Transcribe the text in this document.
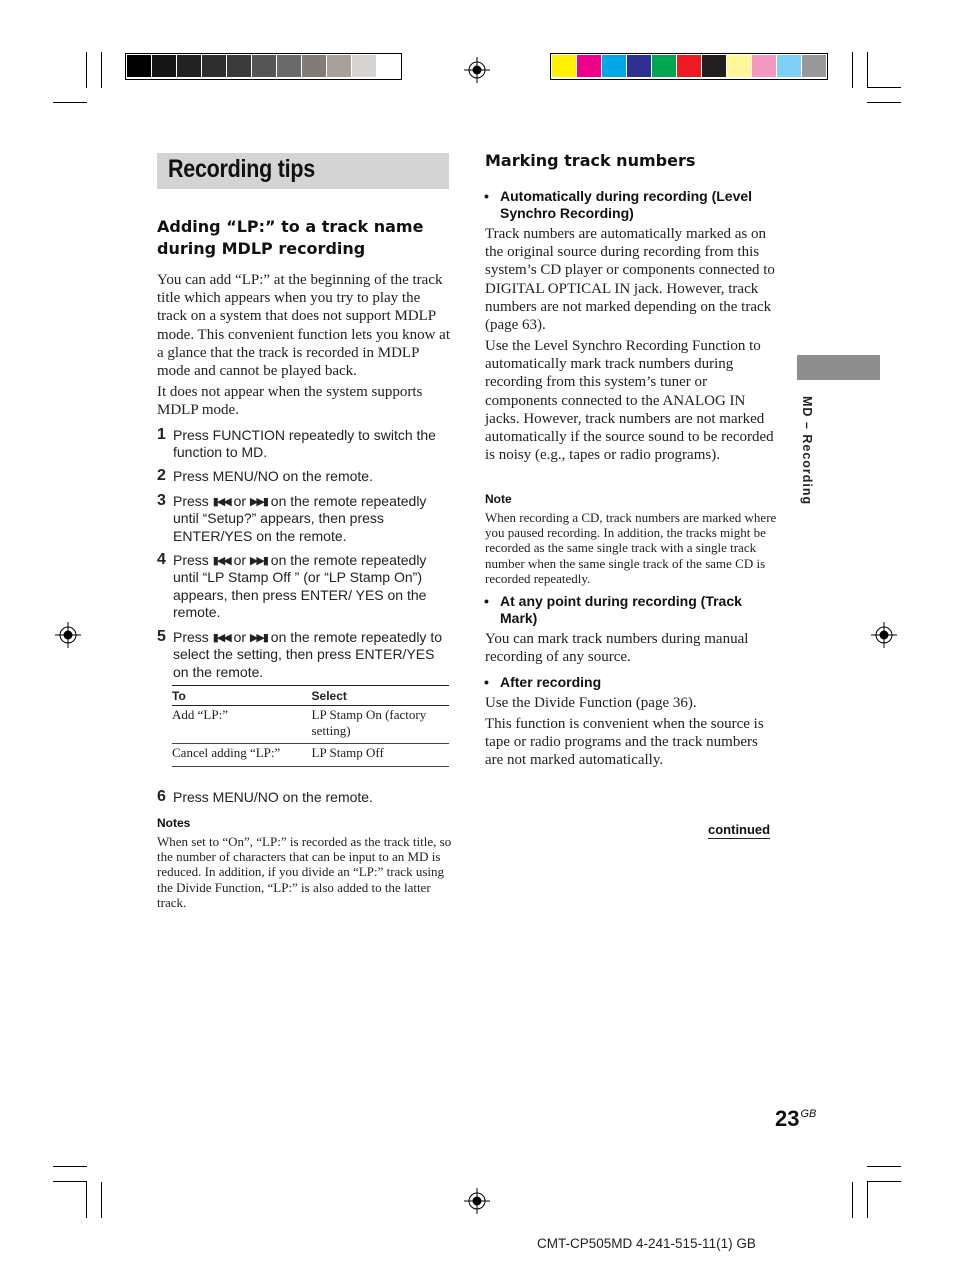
Recording tips
Adding “LP:” to a track name during MDLP recording
You can add “LP:” at the beginning of the track title which appears when you try to play the track on a system that does not support MDLP mode. This convenient function lets you know at a glance that the track is recorded in MDLP mode and cannot be played back.
It does not appear when the system supports MDLP mode.
1 Press FUNCTION repeatedly to switch the function to MD.
2 Press MENU/NO on the remote.
3 Press ▮◀◀ or ▶▶▮ on the remote repeatedly until “Setup?” appears, then press ENTER/YES on the remote.
4 Press ▮◀◀ or ▶▶▮ on the remote repeatedly until “LP Stamp Off ” (or “LP Stamp On”) appears, then press ENTER/ YES on the remote.
5 Press ▮◀◀ or ▶▶▮ on the remote repeatedly to select the setting, then press ENTER/YES on the remote.
To	Select
Add “LP:”	LP Stamp On (factory setting)
Cancel adding “LP:”	LP Stamp Off
6 Press MENU/NO on the remote.
Notes
When set to “On”, “LP:” is recorded as the track title, so the number of characters that can be input to an MD is reduced. In addition, if you divide an “LP:” track using the Divide Function, “LP:” is also added to the latter track.
Marking track numbers
• Automatically during recording (Level Synchro Recording)
Track numbers are automatically marked as on the original source during recording from this system’s CD player or components connected to DIGITAL OPTICAL IN jack. However, track numbers are not marked depending on the track (page 63).
Use the Level Synchro Recording Function to automatically mark track numbers during recording from this system’s tuner or components connected to the ANALOG IN jacks. However, track numbers are not marked automatically if the source sound to be recorded is noisy (e.g., tapes or radio programs).
Note
When recording a CD, track numbers are marked where you paused recording. In addition, the tracks might be recorded as the same single track with a single track number when the same single track of the same CD is recorded repeatedly.
• At any point during recording (Track Mark)
You can mark track numbers during manual recording of any source.
• After recording
Use the Divide Function (page 36).
This function is convenient when the source is tape or radio programs and the track numbers are not marked automatically.
continued
MD – Recording
$23^{GB}$
CMT-CP505MD 4-241-515-11(1) GB
